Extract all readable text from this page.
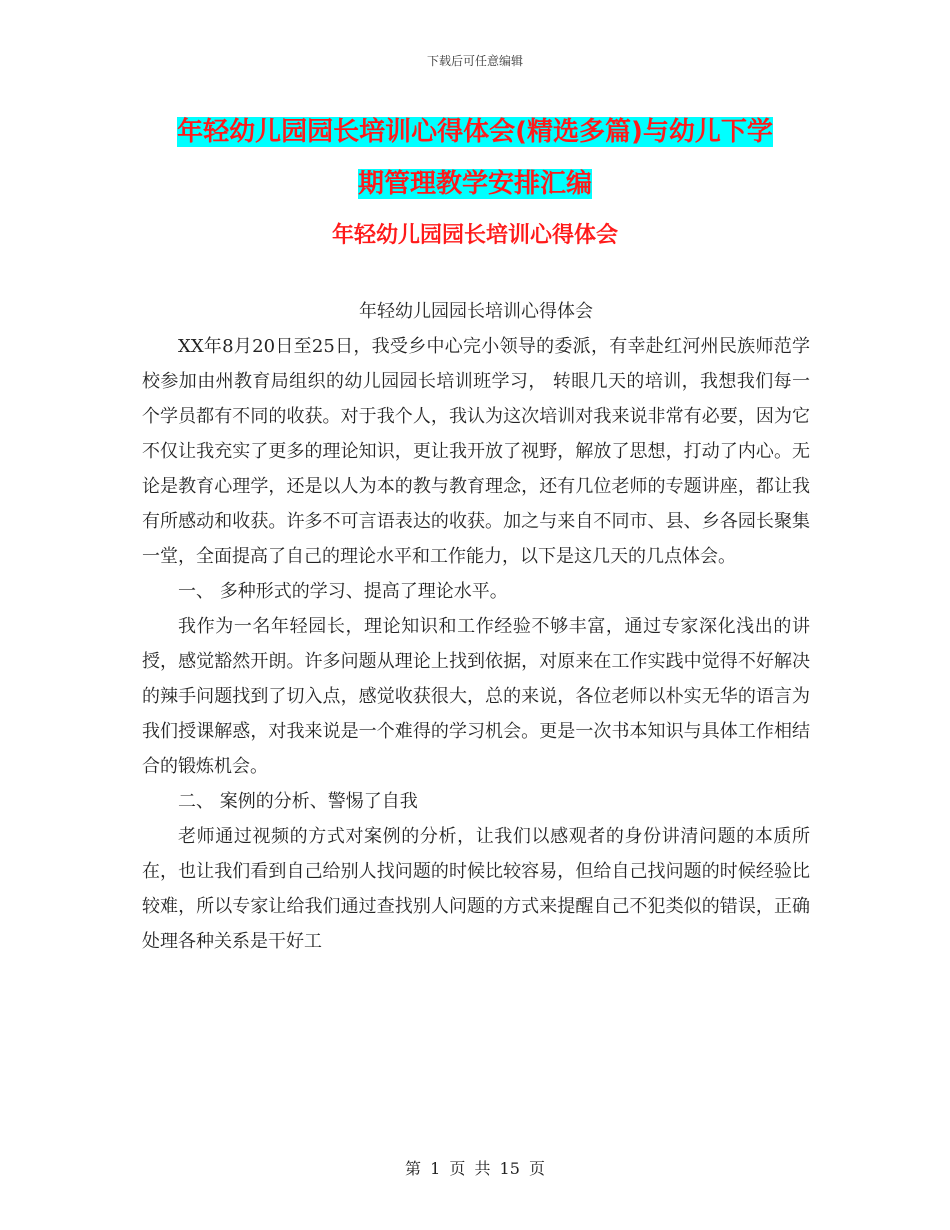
下载后可任意编辑
年轻幼儿园园长培训心得体会(精选多篇)与幼儿下学
期管理教学安排汇编
年轻幼儿园园长培训心得体会

年轻幼儿园园长培训心得体会

XX年8月20日至25日，我受乡中心完小领导的委派，有幸赴红河州民族师范学校参加由州教育局组织的幼儿园园长培训班学习， 转眼几天的培训，我想我们每一个学员都有不同的收获。对于我个人，我认为这次培训对我来说非常有必要，因为它不仅让我充实了更多的理论知识，更让我开放了视野，解放了思想，打动了内心。无论是教育心理学，还是以人为本的教与教育理念，还有几位老师的专题讲座，都让我有所感动和收获。许多不可言语表达的收获。加之与来自不同市、县、乡各园长聚集一堂，全面提高了自己的理论水平和工作能力，以下是这几天的几点体会。

一、 多种形式的学习、提高了理论水平。

我作为一名年轻园长，理论知识和工作经验不够丰富，通过专家深化浅出的讲授，感觉豁然开朗。许多问题从理论上找到依据，对原来在工作实践中觉得不好解决的辣手问题找到了切入点，感觉收获很大，总的来说，各位老师以朴实无华的语言为我们授课解惑，对我来说是一个难得的学习机会。更是一次书本知识与具体工作相结合的锻炼机会。

二、 案例的分析、警惕了自我

老师通过视频的方式对案例的分析，让我们以感观者的身份讲清问题的本质所在，也让我们看到自己给别人找问题的时候比较容易，但给自己找问题的时候经验比较难，所以专家让给我们通过查找别人问题的方式来提醒自己不犯类似的错误，正确处理各种关系是干好工

第 1 页 共 15 页
